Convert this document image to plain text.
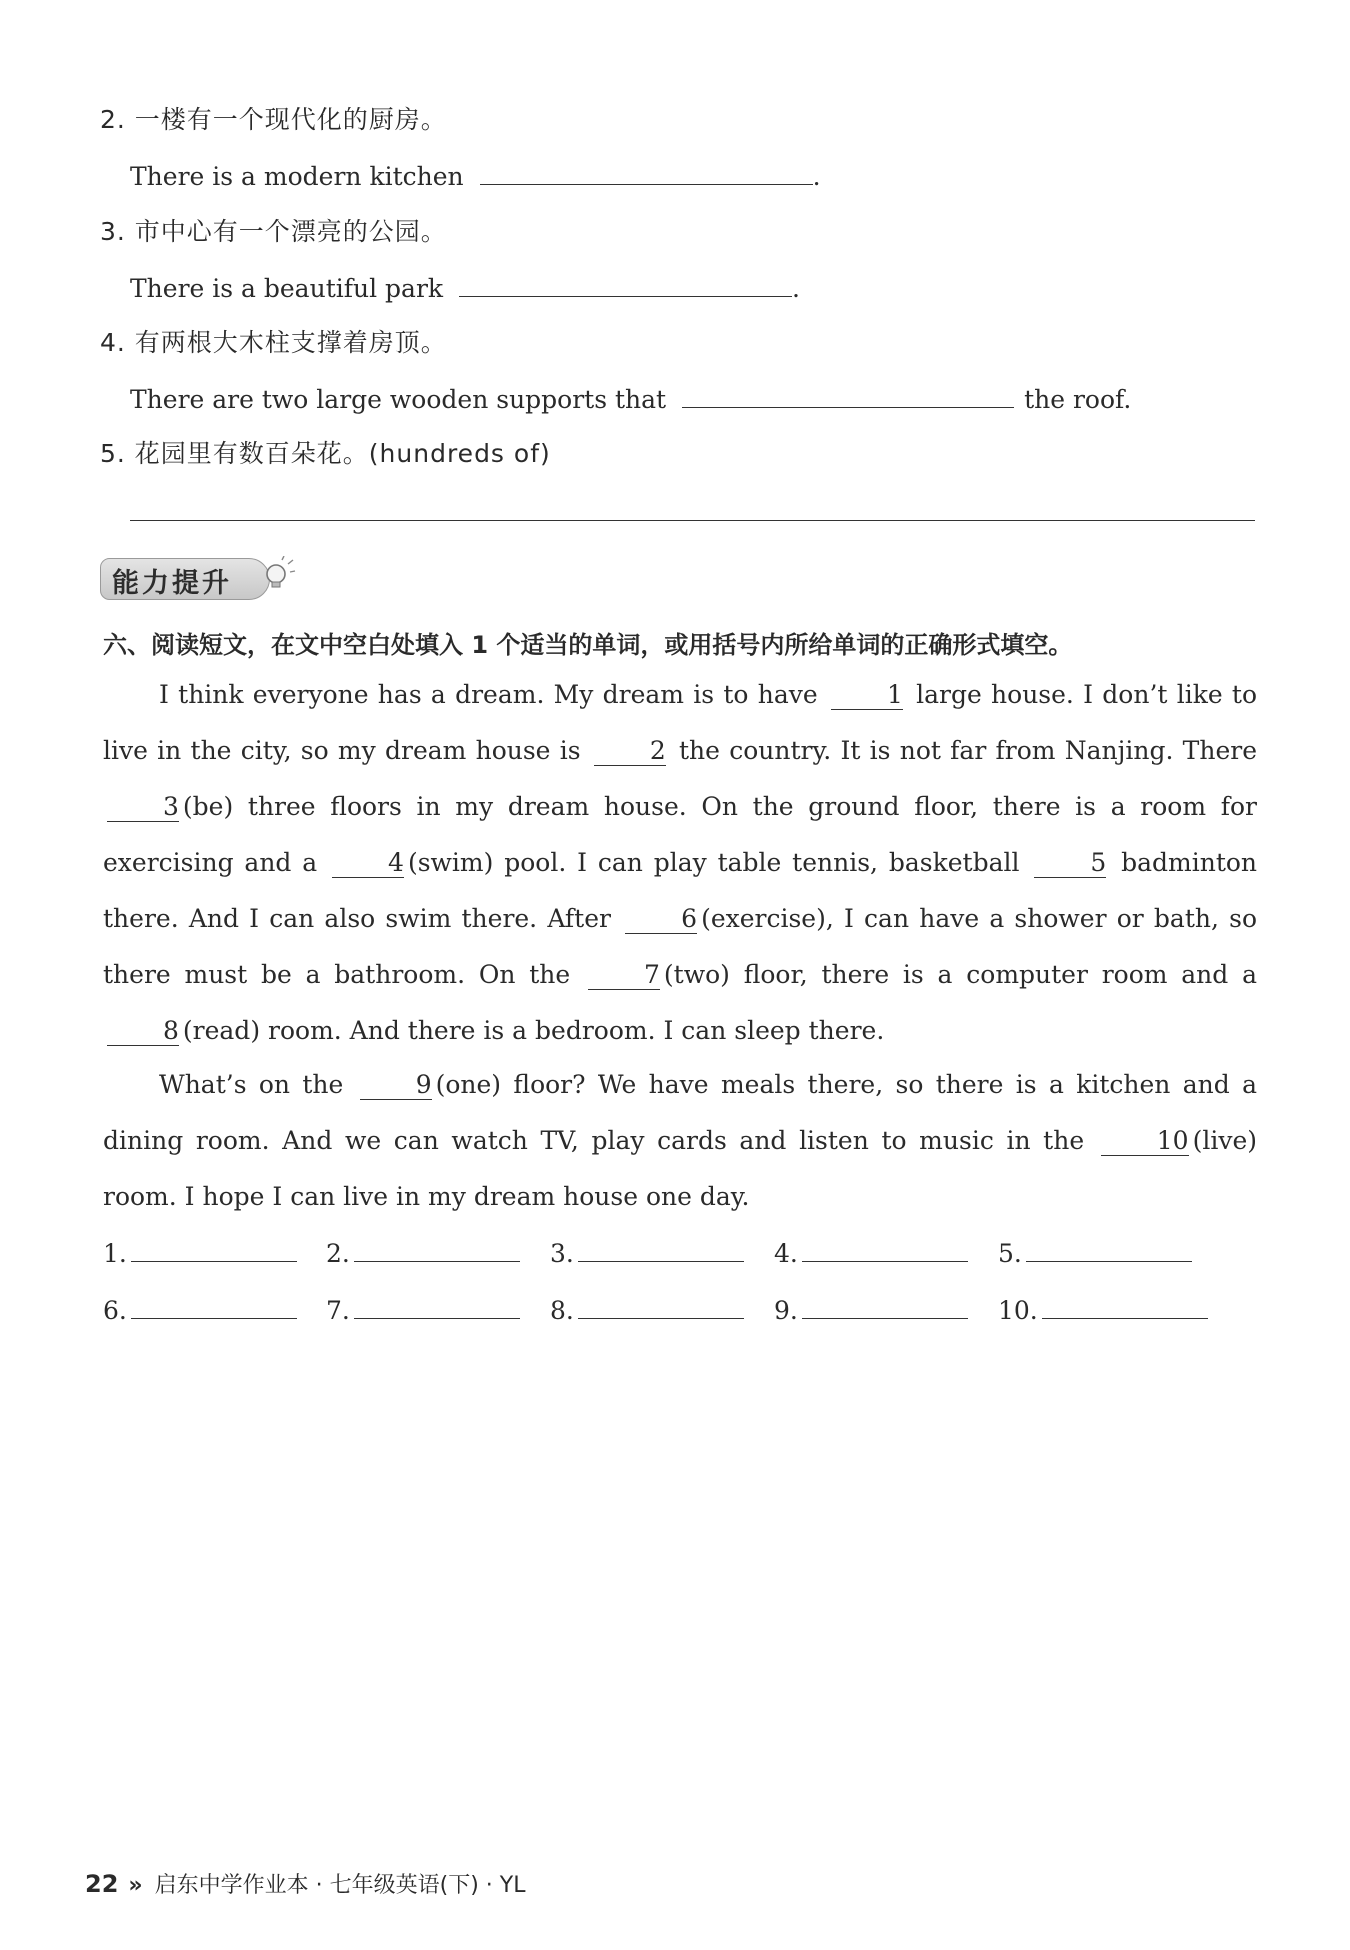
2. 一楼有一个现代化的厨房。
There is a modern kitchen	.
3. 市中心有一个漂亮的公园。
There is a beautiful park	.
4. 有两根大木柱支撑着房顶。
There are two large wooden supports that	the roof.
5. 花园里有数百朵花。(hundreds of)
能力提升
六、阅读短文，在文中空白处填入 1 个适当的单词，或用括号内所给单词的正确形式填空。
I think everyone has a dream. My dream is to have	1 large house. I don’t like to live in the city, so my dream house is	2 the country. It is not far from Nanjing. There 3 (be) three floors in my dream house. On the ground floor, there is a room for exercising and a	4 (swim) pool. I can play table tennis, basketball	5 badminton there. And I can also swim there. After	6 (exercise), I can have a shower or bath, so there must be a bathroom. On the	7 (two) floor, there is a computer room and a 8 (read) room. And there is a bedroom. I can sleep there.
What’s on the	9 (one) floor? We have meals there, so there is a kitchen and a dining room. And we can watch TV, play cards and listen to music in the	10 (live) room. I hope I can live in my dream house one day.
1.	2.	3.	4.	5.
6.	7.	8.	9.	10.
22 » 启东中学作业本 · 七年级英语(下) · YL
